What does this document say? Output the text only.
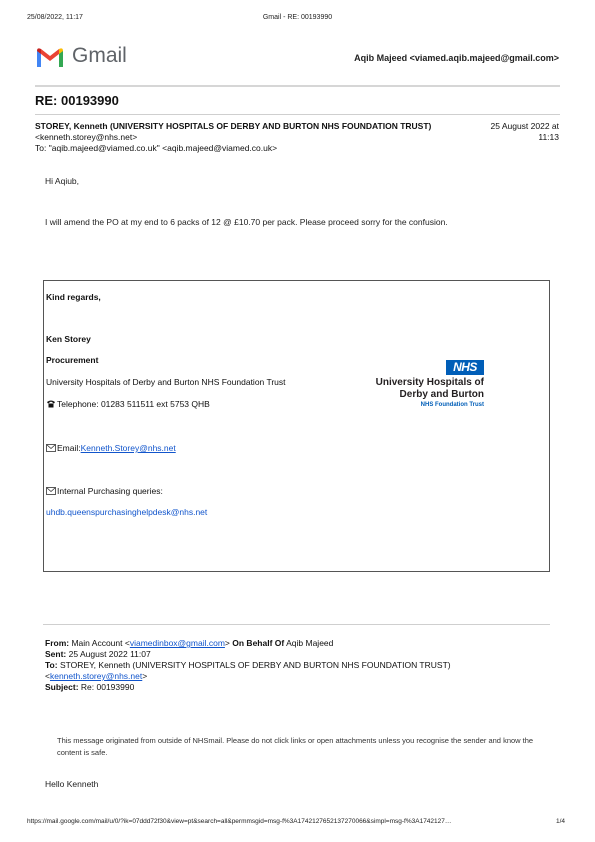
25/08/2022, 11:17	Gmail - RE: 00193990
Gmail	Aqib Majeed <viamed.aqib.majeed@gmail.com>
RE: 00193990
STOREY, Kenneth (UNIVERSITY HOSPITALS OF DERBY AND BURTON NHS FOUNDATION TRUST) <kenneth.storey@nhs.net>
25 August 2022 at
11:13
To: "aqib.majeed@viamed.co.uk" <aqib.majeed@viamed.co.uk>
Hi Aqiub,
I will amend the PO at my end to 6 packs of 12 @ £10.70 per pack. Please proceed sorry for the confusion.
Kind regards,
Ken Storey
Procurement
University Hospitals of Derby and Burton NHS Foundation Trust
Telephone: 01283 511511 ext 5753 QHB
Email:Kenneth.Storey@nhs.net
Internal Purchasing queries:
uhdb.queenspurchasinghelpdesk@nhs.net
NHS
University Hospitals of
Derby and Burton
NHS Foundation Trust
From: Main Account <viamedinbox@gmail.com> On Behalf Of Aqib Majeed
Sent: 25 August 2022 11:07
To: STOREY, Kenneth (UNIVERSITY HOSPITALS OF DERBY AND BURTON NHS FOUNDATION TRUST)
<kenneth.storey@nhs.net>
Subject: Re: 00193990
This message originated from outside of NHSmail. Please do not click links or open attachments unless you recognise the sender and know the content is safe.
Hello Kenneth
https://mail.google.com/mail/u/0/?ik=07ddd72f30&view=pt&search=all&permmsgid=msg-f%3A1742127652137270066&simpl=msg-f%3A1742127…	1/4
